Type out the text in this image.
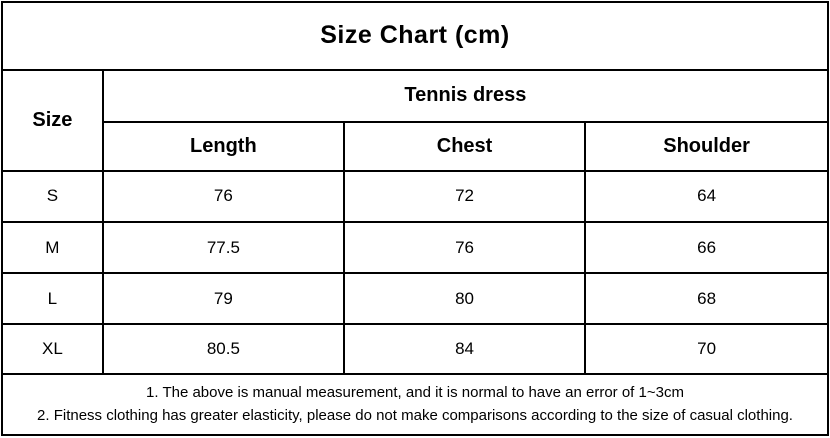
Size Chart (cm)			
Size	Tennis dress		
	Length	Chest	Shoulder
S	76	72	64
M	77.5	76	66
L	79	80	68
XL	80.5	84	70

1. The above is manual measurement, and it is normal to have an error of 1~3cm
2. Fitness clothing has greater elasticity, please do not make comparisons according to the size of casual clothing.			
